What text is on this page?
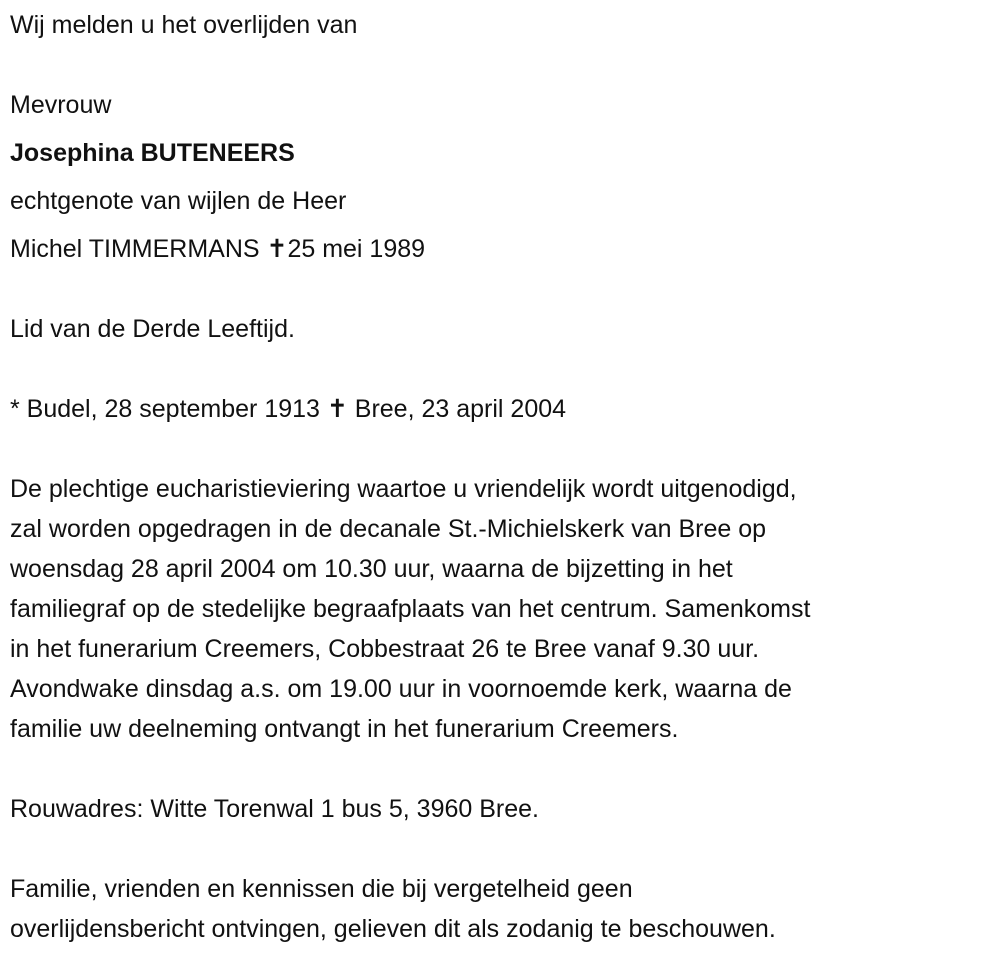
Wij melden u het overlijden van
Mevrouw
Josephina BUTENEERS
echtgenote van wijlen de Heer
Michel TIMMERMANS ✝25 mei 1989
Lid van de Derde Leeftijd.
* Budel, 28 september 1913 ✝ Bree, 23 april 2004
De plechtige eucharistieviering waartoe u vriendelijk wordt uitgenodigd,
zal worden opgedragen in de decanale St.-Michielskerk van Bree op
woensdag 28 april 2004 om 10.30 uur, waarna de bijzetting in het
familiegraf op de stedelijke begraafplaats van het centrum. Samenkomst
in het funerarium Creemers, Cobbestraat 26 te Bree vanaf 9.30 uur.
Avondwake dinsdag a.s. om 19.00 uur in voornoemde kerk, waarna de
familie uw deelneming ontvangt in het funerarium Creemers.
Rouwadres: Witte Torenwal 1 bus 5, 3960 Bree.
Familie, vrienden en kennissen die bij vergetelheid geen
overlijdensbericht ontvingen, gelieven dit als zodanig te beschouwen.
